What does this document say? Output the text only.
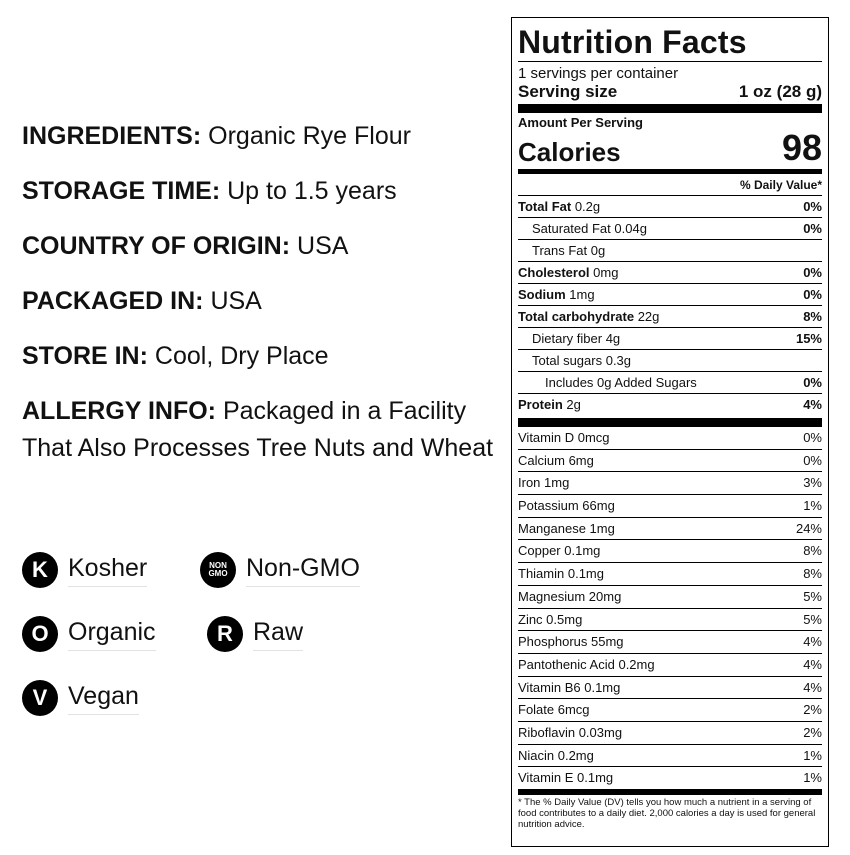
INGREDIENTS: Organic Rye Flour
STORAGE TIME: Up to 1.5 years
COUNTRY OF ORIGIN: USA
PACKAGED IN: USA
STORE IN: Cool, Dry Place
ALLERGY INFO: Packaged in a Facility That Also Processes Tree Nuts and Wheat
K Kosher	NON
GMO Non-GMO
O Organic	R Raw
V Vegan
Nutrition Facts
1 servings per container
Serving size	1 oz (28 g)
Amount Per Serving
Calories	98
% Daily Value*
Total Fat 0.2g	0%
Saturated Fat 0.04g	0%
Trans Fat 0g
Cholesterol 0mg	0%
Sodium 1mg	0%
Total carbohydrate 22g	8%
Dietary fiber 4g	15%
Total sugars 0.3g
Includes 0g Added Sugars	0%
Protein 2g	4%
Vitamin D 0mcg	0%
Calcium 6mg	0%
Iron 1mg	3%
Potassium 66mg	1%
Manganese 1mg	24%
Copper 0.1mg	8%
Thiamin 0.1mg	8%
Magnesium 20mg	5%
Zinc 0.5mg	5%
Phosphorus 55mg	4%
Pantothenic Acid 0.2mg	4%
Vitamin B6 0.1mg	4%
Folate 6mcg	2%
Riboflavin 0.03mg	2%
Niacin 0.2mg	1%
Vitamin E 0.1mg	1%
* The % Daily Value (DV) tells you how much a nutrient in a serving of food contributes to a daily diet. 2,000 calories a day is used for general nutrition advice.
